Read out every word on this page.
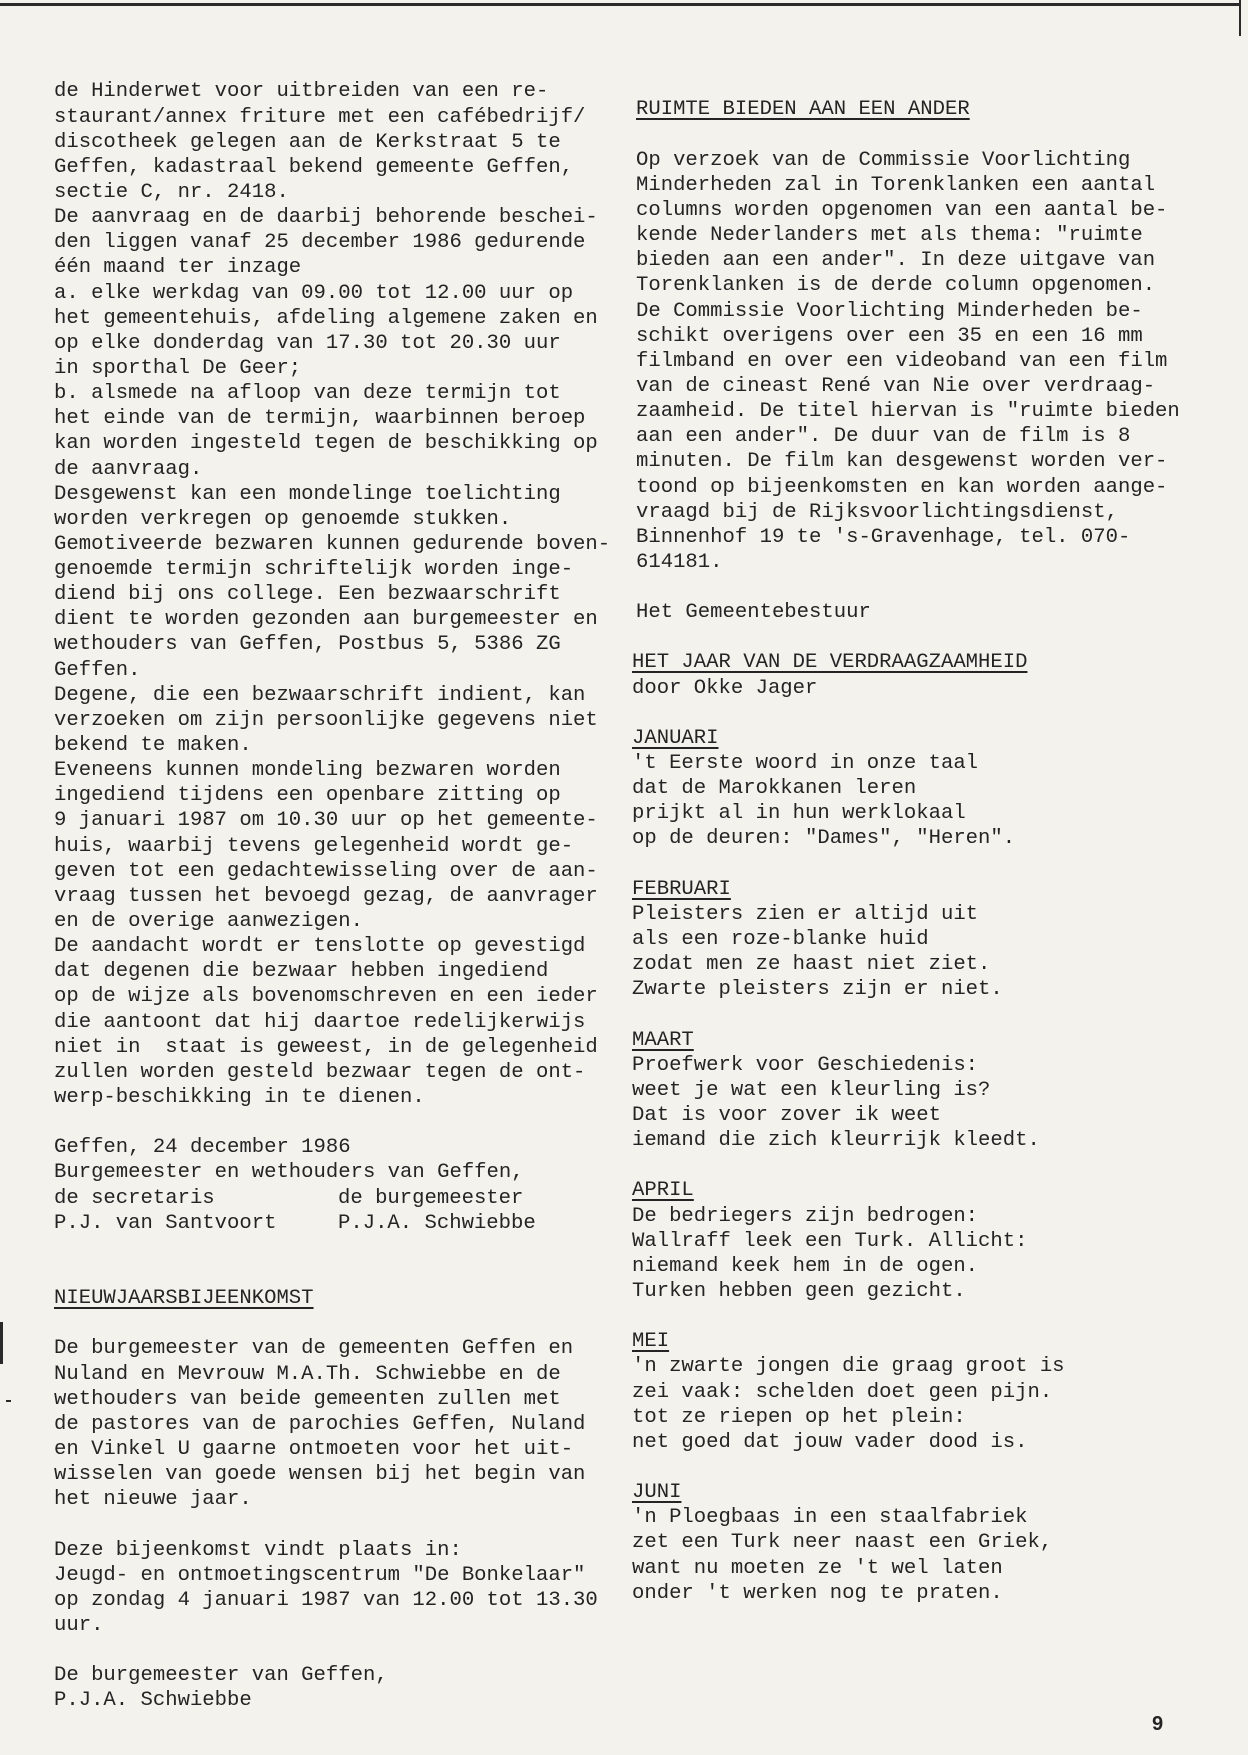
de Hinderwet voor uitbreiden van een re-
staurant/annex friture met een cafébedrijf/
discotheek gelegen aan de Kerkstraat 5 te
Geffen, kadastraal bekend gemeente Geffen,
sectie C, nr. 2418.
De aanvraag en de daarbij behorende beschei-
den liggen vanaf 25 december 1986 gedurende
één maand ter inzage
a. elke werkdag van 09.00 tot 12.00 uur op
het gemeentehuis, afdeling algemene zaken en
op elke donderdag van 17.30 tot 20.30 uur
in sporthal De Geer;
b. alsmede na afloop van deze termijn tot
het einde van de termijn, waarbinnen beroep
kan worden ingesteld tegen de beschikking op
de aanvraag.
Desgewenst kan een mondelinge toelichting
worden verkregen op genoemde stukken.
Gemotiveerde bezwaren kunnen gedurende boven-
genoemde termijn schriftelijk worden inge-
diend bij ons college. Een bezwaarschrift
dient te worden gezonden aan burgemeester en
wethouders van Geffen, Postbus 5, 5386 ZG
Geffen.
Degene, die een bezwaarschrift indient, kan
verzoeken om zijn persoonlijke gegevens niet
bekend te maken.
Eveneens kunnen mondeling bezwaren worden
ingediend tijdens een openbare zitting op
9 januari 1987 om 10.30 uur op het gemeente-
huis, waarbij tevens gelegenheid wordt ge-
geven tot een gedachtewisseling over de aan-
vraag tussen het bevoegd gezag, de aanvrager
en de overige aanwezigen.
De aandacht wordt er tenslotte op gevestigd
dat degenen die bezwaar hebben ingediend
op de wijze als bovenomschreven en een ieder
die aantoont dat hij daartoe redelijkerwijs
niet in  staat is geweest, in de gelegenheid
zullen worden gesteld bezwaar tegen de ont-
werp-beschikking in te dienen.
Geffen, 24 december 1986
Burgemeester en wethouders van Geffen,
de secretaris	de burgemeester
P.J. van Santvoort	P.J.A. Schwiebbe
NIEUWJAARSBIJEENKOMST
De burgemeester van de gemeenten Geffen en
Nuland en Mevrouw M.A.Th. Schwiebbe en de
wethouders van beide gemeenten zullen met
de pastores van de parochies Geffen, Nuland
en Vinkel U gaarne ontmoeten voor het uit-
wisselen van goede wensen bij het begin van
het nieuwe jaar.
Deze bijeenkomst vindt plaats in:
Jeugd- en ontmoetingscentrum "De Bonkelaar"
op zondag 4 januari 1987 van 12.00 tot 13.30
uur.
De burgemeester van Geffen,
P.J.A. Schwiebbe
RUIMTE BIEDEN AAN EEN ANDER
Op verzoek van de Commissie Voorlichting
Minderheden zal in Torenklanken een aantal
columns worden opgenomen van een aantal be-
kende Nederlanders met als thema: "ruimte
bieden aan een ander". In deze uitgave van
Torenklanken is de derde column opgenomen.
De Commissie Voorlichting Minderheden be-
schikt overigens over een 35 en een 16 mm
filmband en over een videoband van een film
van de cineast René van Nie over verdraag-
zaamheid. De titel hiervan is "ruimte bieden
aan een ander". De duur van de film is 8
minuten. De film kan desgewenst worden ver-
toond op bijeenkomsten en kan worden aange-
vraagd bij de Rijksvoorlichtingsdienst,
Binnenhof 19 te 's-Gravenhage, tel. 070-
614181.
Het Gemeentebestuur
HET JAAR VAN DE VERDRAAGZAAMHEID
door Okke Jager
JANUARI
't Eerste woord in onze taal
dat de Marokkanen leren
prijkt al in hun werklokaal
op de deuren: "Dames", "Heren".
FEBRUARI
Pleisters zien er altijd uit
als een roze-blanke huid
zodat men ze haast niet ziet.
Zwarte pleisters zijn er niet.
MAART
Proefwerk voor Geschiedenis:
weet je wat een kleurling is?
Dat is voor zover ik weet
iemand die zich kleurrijk kleedt.
APRIL
De bedriegers zijn bedrogen:
Wallraff leek een Turk. Allicht:
niemand keek hem in de ogen.
Turken hebben geen gezicht.
MEI
'n zwarte jongen die graag groot is
zei vaak: schelden doet geen pijn.
tot ze riepen op het plein:
net goed dat jouw vader dood is.
JUNI
'n Ploegbaas in een staalfabriek
zet een Turk neer naast een Griek,
want nu moeten ze 't wel laten
onder 't werken nog te praten.
9
